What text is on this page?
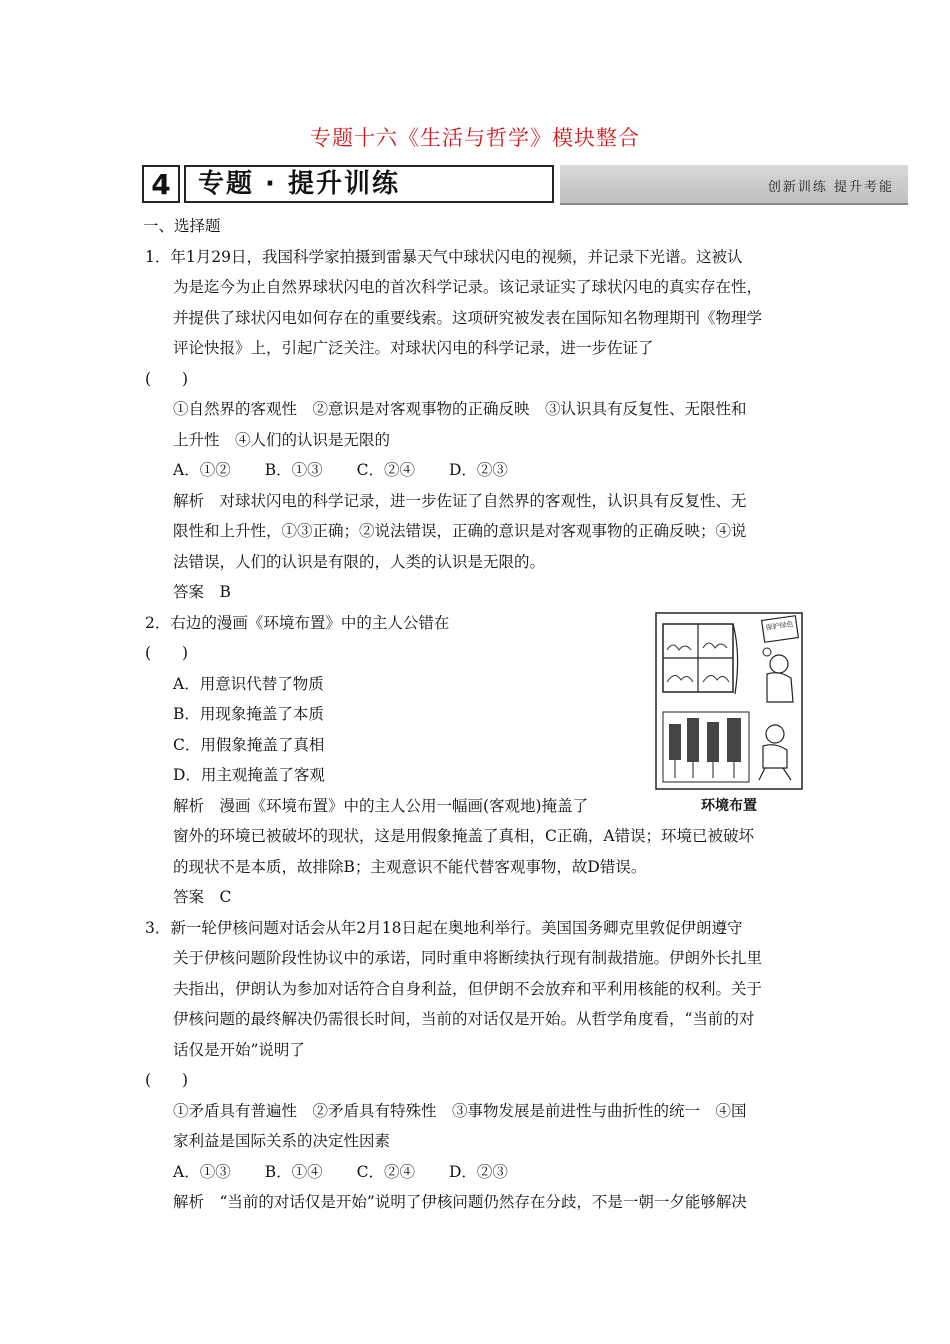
专题十六《生活与哲学》模块整合
4	专题 · 提升训练	创新训练 提升考能
一、选择题
1．年1月29日，我国科学家拍摄到雷暴天气中球状闪电的视频，并记录下光谱。这被认
为是迄今为止自然界球状闪电的首次科学记录。该记录证实了球状闪电的真实存在性，
并提供了球状闪电如何存在的重要线索。这项研究被发表在国际知名物理期刊《物理学
评论快报》上，引起广泛关注。对球状闪电的科学记录，进一步佐证了
(　　)
①自然界的客观性　②意识是对客观事物的正确反映　③认识具有反复性、无限性和
上升性　④人们的认识是无限的
A．①② B．①③ C．②④ D．②③
解析　对球状闪电的科学记录，进一步佐证了自然界的客观性，认识具有反复性、无
限性和上升性，①③正确；②说法错误，正确的意识是对客观事物的正确反映；④说
法错误，人们的认识是有限的，人类的认识是无限的。
答案　B
2．右边的漫画《环境布置》中的主人公错在
(　　)
A．用意识代替了物质
B．用现象掩盖了本质
C．用假象掩盖了真相
D．用主观掩盖了客观
解析　漫画《环境布置》中的主人公用一幅画(客观地)掩盖了
窗外的环境已被破坏的现状，这是用假象掩盖了真相，C正确，A错误；环境已被破坏
的现状不是本质，故排除B；主观意识不能代替客观事物，故D错误。
答案　C
3．新一轮伊核问题对话会从年2月18日起在奥地利举行。美国国务卿克里敦促伊朗遵守
关于伊核问题阶段性协议中的承诺，同时重申将断续执行现有制裁措施。伊朗外长扎里
夫指出，伊朗认为参加对话符合自身利益，但伊朗不会放弃和平利用核能的权利。关于
伊核问题的最终解决仍需很长时间，当前的对话仅是开始。从哲学角度看，“当前的对
话仅是开始”说明了
(　　)
①矛盾具有普遍性　②矛盾具有特殊性　③事物发展是前进性与曲折性的统一　④国
家利益是国际关系的决定性因素
A．①③ B．①④ C．②④ D．②③
解析　“当前的对话仅是开始”说明了伊核问题仍然存在分歧，不是一朝一夕能够解决
保护绿色
环境布置
